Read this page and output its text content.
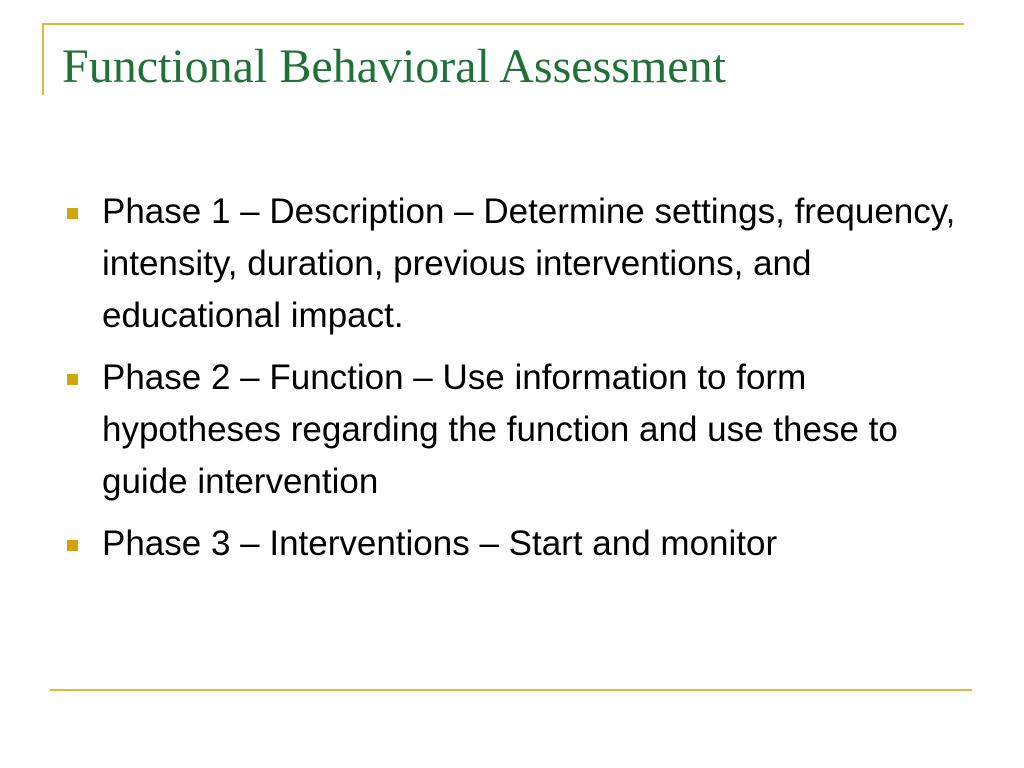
Functional Behavioral Assessment
Phase 1 – Description – Determine settings, frequency, intensity, duration, previous interventions, and educational impact.
Phase 2 – Function – Use information to form hypotheses regarding the function and use these to guide intervention
Phase 3 – Interventions – Start and monitor
